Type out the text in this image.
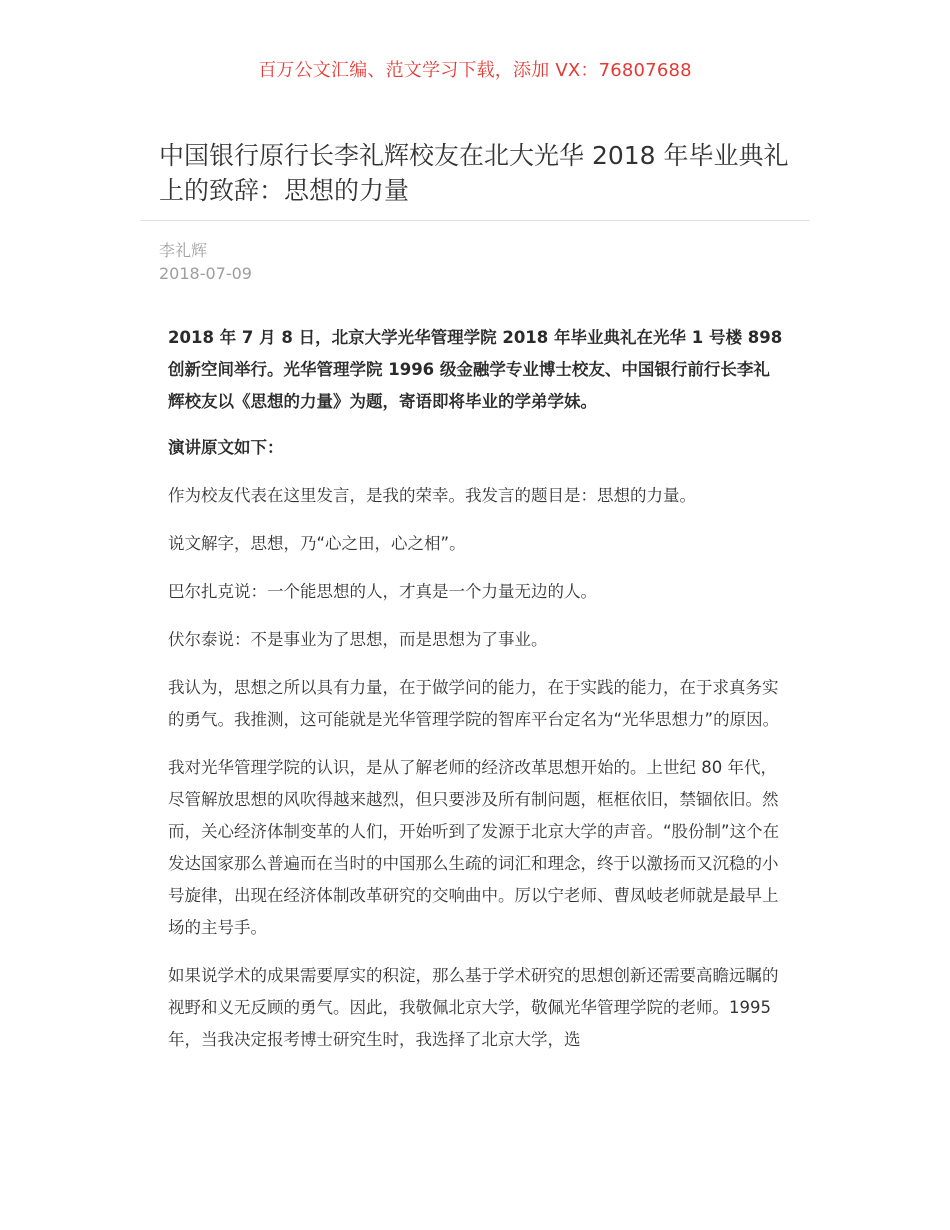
百万公文汇编、范文学习下载，添加 VX：76807688
中国银行原行长李礼辉校友在北大光华 2018 年毕业典礼上的致辞：思想的力量
李礼辉
2018-07-09

2018 年 7 月 8 日，北京大学光华管理学院 2018 年毕业典礼在光华 1 号楼 898 创新空间举行。光华管理学院 1996 级金融学专业博士校友、中国银行前行长李礼辉校友以《思想的力量》为题，寄语即将毕业的学弟学妹。

演讲原文如下：

作为校友代表在这里发言，是我的荣幸。我发言的题目是：思想的力量。

说文解字，思想，乃“心之田，心之相”。

巴尔扎克说：一个能思想的人，才真是一个力量无边的人。

伏尔泰说：不是事业为了思想，而是思想为了事业。

我认为，思想之所以具有力量，在于做学问的能力，在于实践的能力，在于求真务实的勇气。我推测，这可能就是光华管理学院的智库平台定名为“光华思想力”的原因。

我对光华管理学院的认识，是从了解老师的经济改革思想开始的。上世纪 80 年代，尽管解放思想的风吹得越来越烈，但只要涉及所有制问题，框框依旧，禁锢依旧。然而，关心经济体制变革的人们，开始听到了发源于北京大学的声音。“股份制”这个在发达国家那么普遍而在当时的中国那么生疏的词汇和理念，终于以激扬而又沉稳的小号旋律，出现在经济体制改革研究的交响曲中。厉以宁老师、曹凤岐老师就是最早上场的主号手。

如果说学术的成果需要厚实的积淀，那么基于学术研究的思想创新还需要高瞻远瞩的视野和义无反顾的勇气。因此，我敬佩北京大学，敬佩光华管理学院的老师。1995 年，当我决定报考博士研究生时，我选择了北京大学，选
